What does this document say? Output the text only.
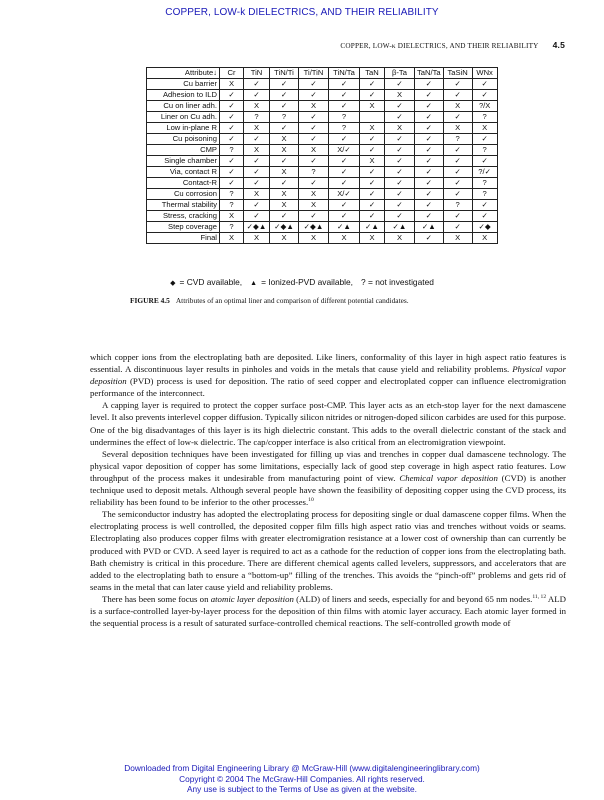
COPPER, LOW-k DIELECTRICS, AND THEIR RELIABILITY
COPPER, LOW-κ DIELECTRICS, AND THEIR RELIABILITY 4.5
Attribute↓	Cr	TiN	TiN/Ti	Ti/TiN	TiN/Ta	TaN	β-Ta	TaN/Ta	TaSiN	WNx
Cu barrier	X	✓	✓	✓	✓	✓	✓	✓	✓	✓
Adhesion to ILD	✓	✓	✓	✓	✓	✓	X	✓	✓	✓
Cu on liner adh.	✓	X	✓	X	✓	X	✓	✓	X	?/X
Liner on Cu adh.	✓	?	?	✓	?		✓	✓	✓	?
Low in-plane R	✓	X	✓	✓	?	X	X	✓	X	X
Cu poisoning	✓	✓	X	✓	✓	✓	✓	✓	?	✓
CMP	?	X	X	X	X/✓	✓	✓	✓	✓	?
Single chamber	✓	✓	✓	✓	✓	X	✓	✓	✓	✓
Via, contact R	✓	✓	X	?	✓	✓	✓	✓	✓	?/✓
Contact-R	✓	✓	✓	✓	✓	✓	✓	✓	✓	?
Cu corrosion	?	X	X	X	X/✓	✓	✓	✓	✓	?
Thermal stability	?	✓	X	X	✓	✓	✓	✓	?	✓
Stress, cracking	X	✓	✓	✓	✓	✓	✓	✓	✓	✓
Step coverage	?	✓◆▲	✓◆▲	✓◆▲	✓▲	✓▲	✓▲	✓▲	✓	✓◆
Final	X	X	X	X	X	X	X	✓	X	X
◆ = CVD available, ▲ = Ionized-PVD available, ? = not investigated
FIGURE 4.5 Attributes of an optimal liner and comparison of different potential candidates.

which copper ions from the electroplating bath are deposited. Like liners, conformality of this layer in high aspect ratio features is essential. A discontinuous layer results in pinholes and voids in the metals that cause yield and reliability problems. Physical vapor deposition (PVD) process is used for deposition. The ratio of seed copper and electroplated copper can influence electromigration performance of the interconnect.

A capping layer is required to protect the copper surface post-CMP. This layer acts as an etch-stop layer for the next damascene level. It also prevents interlevel copper diffusion. Typically silicon nitrides or nitrogen-doped silicon carbides are used for this purpose. One of the big disadvantages of this layer is its high dielectric constant. This adds to the overall dielectric constant of the stack and undermines the effect of low-κ dielectric. The cap/copper interface is also critical from an electromigration viewpoint.

Several deposition techniques have been investigated for filling up vias and trenches in copper dual damascene technology. The physical vapor deposition of copper has some limitations, especially lack of good step coverage in high aspect ratio features. Low throughput of the process makes it undesirable from manufacturing point of view. Chemical vapor deposition (CVD) is another technique used to deposit metals. Although several people have shown the feasibility of depositing copper using the CVD process, its reliability has been found to be inferior to the other processes.$^{10}$

The semiconductor industry has adopted the electroplating process for depositing single or dual damascene copper films. When the electroplating process is well controlled, the deposited copper film fills high aspect ratio vias and trenches without voids or seams. Electroplating also produces copper films with greater electromigration resistance at a lower cost of ownership than can currently be produced with PVD or CVD. A seed layer is required to act as a cathode for the reduction of copper ions from the electroplating bath. Bath chemistry is critical in this procedure. There are different chemical agents called levelers, suppressors, and accelerators that are added to the electroplating bath to ensure a “bottom-up” filling of the trenches. This avoids the “pinch-off” problems and gets rid of seams in the metal that can later cause yield and reliability problems.

There has been some focus on atomic layer deposition (ALD) of liners and seeds, especially for and beyond 65 nm nodes.$^{11, 12}$ ALD is a surface-controlled layer-by-layer process for the deposition of thin films with atomic layer accuracy. Each atomic layer formed in the sequential process is a result of saturated surface-controlled chemical reactions. The self-controlled growth mode of

Downloaded from Digital Engineering Library @ McGraw-Hill (www.digitalengineeringlibrary.com)
Copyright © 2004 The McGraw-Hill Companies. All rights reserved.
Any use is subject to the Terms of Use as given at the website.
